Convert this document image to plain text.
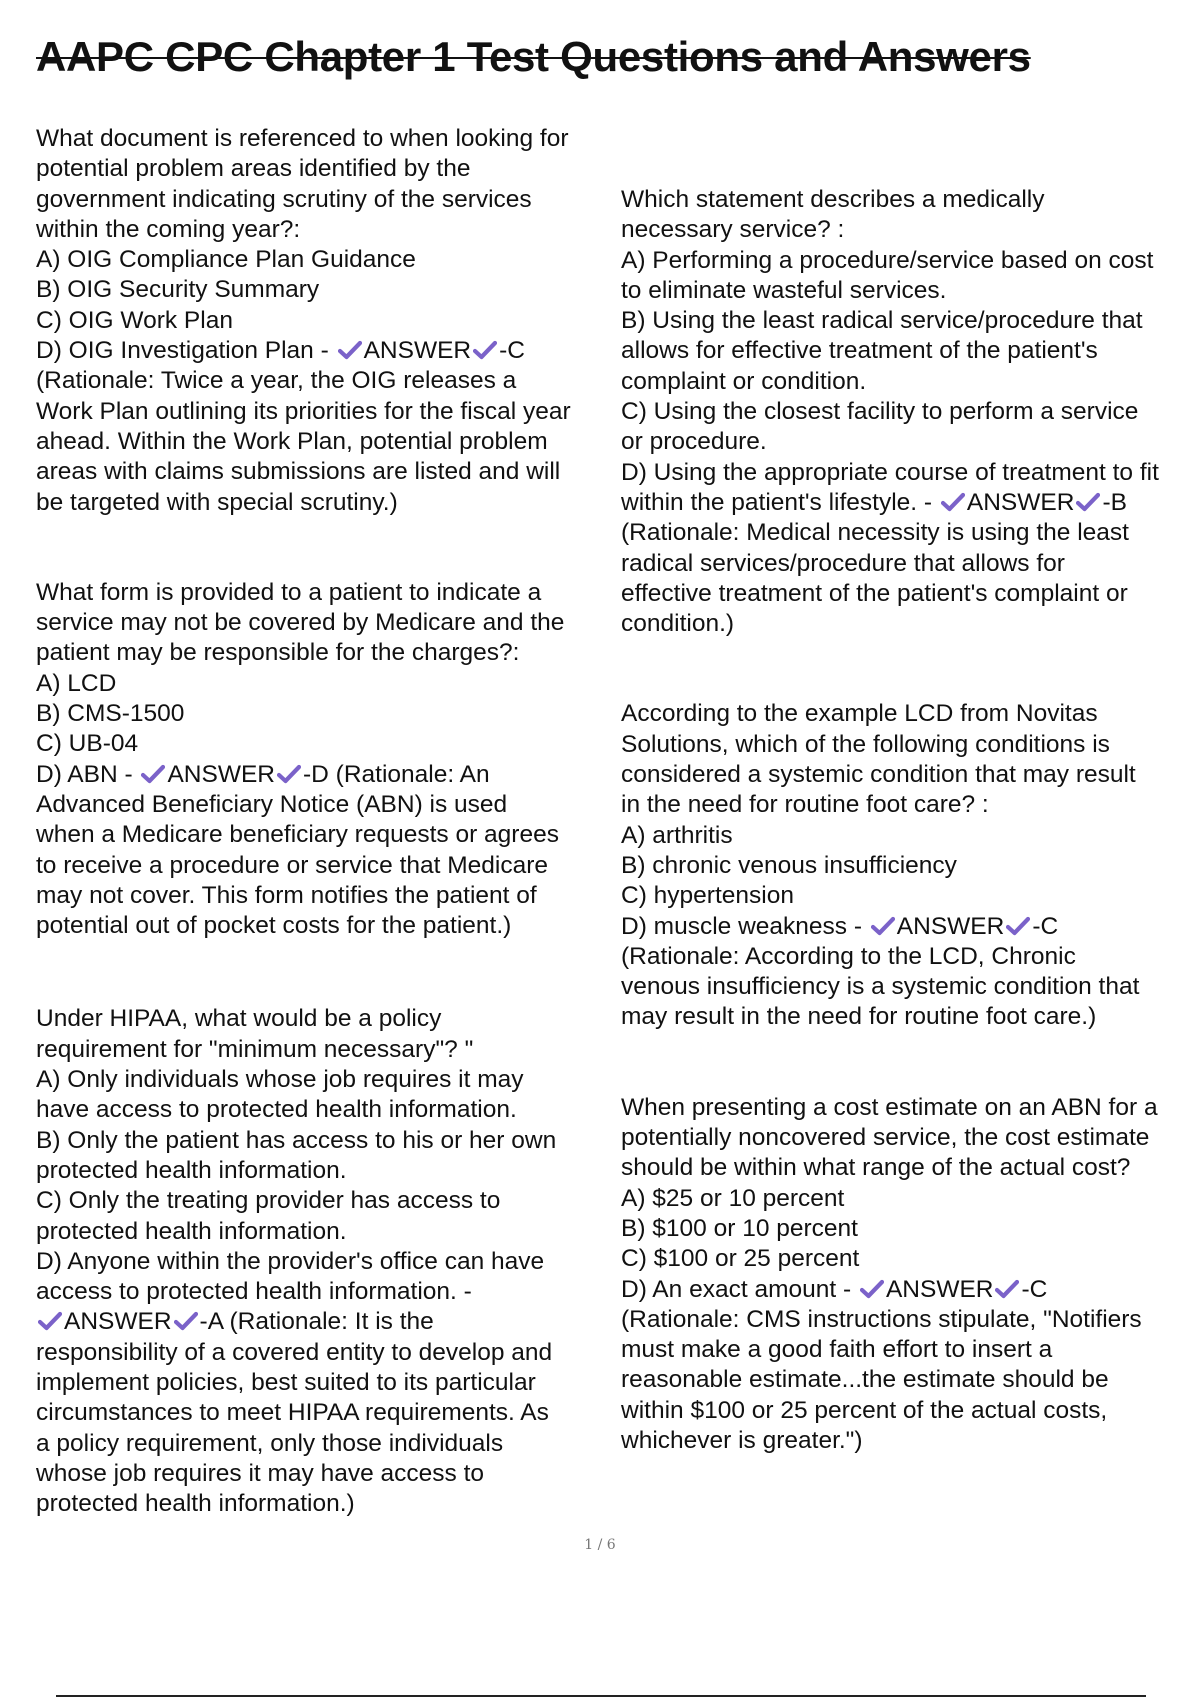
AAPC CPC Chapter 1 Test Questions and Answers
What document is referenced to when looking for
potential problem areas identified by the
government indicating scrutiny of the services
within the coming year?:
A) OIG Compliance Plan Guidance
B) OIG Security Summary
C) OIG Work Plan
D) OIG Investigation Plan -
ANSWER -C
(Rationale: Twice a year, the OIG releases a
Work Plan outlining its priorities for the fiscal year
ahead. Within the Work Plan, potential problem
areas with claims submissions are listed and will
be targeted with special scrutiny.)
What form is provided to a patient to indicate a
service may not be covered by Medicare and the
patient may be responsible for the charges?:
A) LCD
B) CMS-1500
C) UB-04
D) ABN -
ANSWER -D (Rationale: An
Advanced Beneficiary Notice (ABN) is used
when a Medicare beneficiary requests or agrees
to receive a procedure or service that Medicare
may not cover. This form notifies the patient of
potential out of pocket costs for the patient.)
Under HIPAA, what would be a policy
requirement for "minimum necessary"? "
A) Only individuals whose job requires it may
have access to protected health information.
B) Only the patient has access to his or her own
protected health information.
C) Only the treating provider has access to
protected health information.
D) Anyone within the provider's office can have
access to protected health information. -
ANSWER -A (Rationale: It is the
responsibility of a covered entity to develop and
implement policies, best suited to its particular
circumstances to meet HIPAA requirements. As
a policy requirement, only those individuals
whose job requires it may have access to
protected health information.)
Which statement describes a medically
necessary service? :
A) Performing a procedure/service based on cost
to eliminate wasteful services.
B) Using the least radical service/procedure that
allows for effective treatment of the patient's
complaint or condition.
C) Using the closest facility to perform a service
or procedure.
D) Using the appropriate course of treatment to fit
within the patient's lifestyle. -
ANSWER -B
(Rationale: Medical necessity is using the least
radical services/procedure that allows for
effective treatment of the patient's complaint or
condition.)
According to the example LCD from Novitas
Solutions, which of the following conditions is
considered a systemic condition that may result
in the need for routine foot care? :
A) arthritis
B) chronic venous insufficiency
C) hypertension
D) muscle weakness -
ANSWER -C
(Rationale: According to the LCD, Chronic
venous insufficiency is a systemic condition that
may result in the need for routine foot care.)
When presenting a cost estimate on an ABN for a
potentially noncovered service, the cost estimate
should be within what range of the actual cost?
A) $25 or 10 percent
B) $100 or 10 percent
C) $100 or 25 percent
D) An exact amount -
ANSWER -C
(Rationale: CMS instructions stipulate, "Notifiers
must make a good faith effort to insert a
reasonable estimate...the estimate should be
within $100 or 25 percent of the actual costs,
whichever is greater.")
1 / 6
